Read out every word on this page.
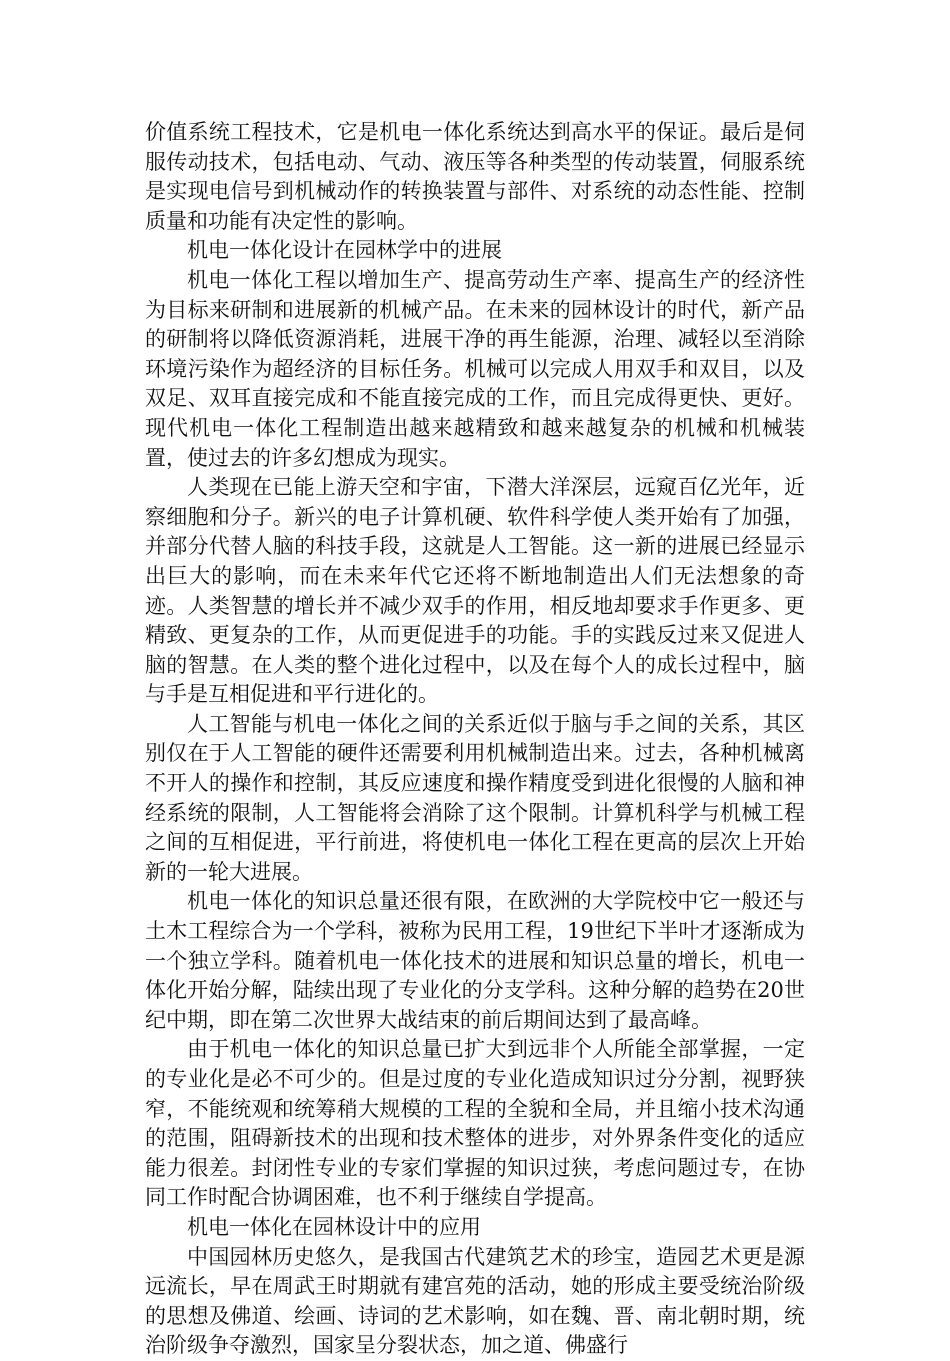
价值系统工程技术，它是机电一体化系统达到高水平的保证。最后是伺服传动技术，包括电动、气动、液压等各种类型的传动装置，伺服系统是实现电信号到机械动作的转换装置与部件、对系统的动态性能、控制质量和功能有决定性的影响。

机电一体化设计在园林学中的进展

机电一体化工程以增加生产、提高劳动生产率、提高生产的经济性为目标来研制和进展新的机械产品。在未来的园林设计的时代，新产品的研制将以降低资源消耗，进展干净的再生能源，治理、减轻以至消除环境污染作为超经济的目标任务。机械可以完成人用双手和双目，以及双足、双耳直接完成和不能直接完成的工作，而且完成得更快、更好。现代机电一体化工程制造出越来越精致和越来越复杂的机械和机械装置，使过去的许多幻想成为现实。

人类现在已能上游天空和宇宙，下潜大洋深层，远窥百亿光年，近察细胞和分子。新兴的电子计算机硬、软件科学使人类开始有了加强，并部分代替人脑的科技手段，这就是人工智能。这一新的进展已经显示出巨大的影响，而在未来年代它还将不断地制造出人们无法想象的奇迹。人类智慧的增长并不减少双手的作用，相反地却要求手作更多、更精致、更复杂的工作，从而更促进手的功能。手的实践反过来又促进人脑的智慧。在人类的整个进化过程中，以及在每个人的成长过程中，脑与手是互相促进和平行进化的。

人工智能与机电一体化之间的关系近似于脑与手之间的关系，其区别仅在于人工智能的硬件还需要利用机械制造出来。过去，各种机械离不开人的操作和控制，其反应速度和操作精度受到进化很慢的人脑和神经系统的限制，人工智能将会消除了这个限制。计算机科学与机械工程之间的互相促进，平行前进，将使机电一体化工程在更高的层次上开始新的一轮大进展。

机电一体化的知识总量还很有限，在欧洲的大学院校中它一般还与土木工程综合为一个学科，被称为民用工程，19世纪下半叶才逐渐成为一个独立学科。随着机电一体化技术的进展和知识总量的增长，机电一体化开始分解，陆续出现了专业化的分支学科。这种分解的趋势在20世纪中期，即在第二次世界大战结束的前后期间达到了最高峰。

由于机电一体化的知识总量已扩大到远非个人所能全部掌握，一定的专业化是必不可少的。但是过度的专业化造成知识过分分割，视野狭窄，不能统观和统筹稍大规模的工程的全貌和全局，并且缩小技术沟通的范围，阻碍新技术的出现和技术整体的进步，对外界条件变化的适应能力很差。封闭性专业的专家们掌握的知识过狭，考虑问题过专，在协同工作时配合协调困难，也不利于继续自学提高。

机电一体化在园林设计中的应用

中国园林历史悠久，是我国古代建筑艺术的珍宝，造园艺术更是源远流长，早在周武王时期就有建宫苑的活动，她的形成主要受统治阶级的思想及佛道、绘画、诗词的艺术影响，如在魏、晋、南北朝时期，统治阶级争夺激烈，国家呈分裂状态，加之道、佛盛行
